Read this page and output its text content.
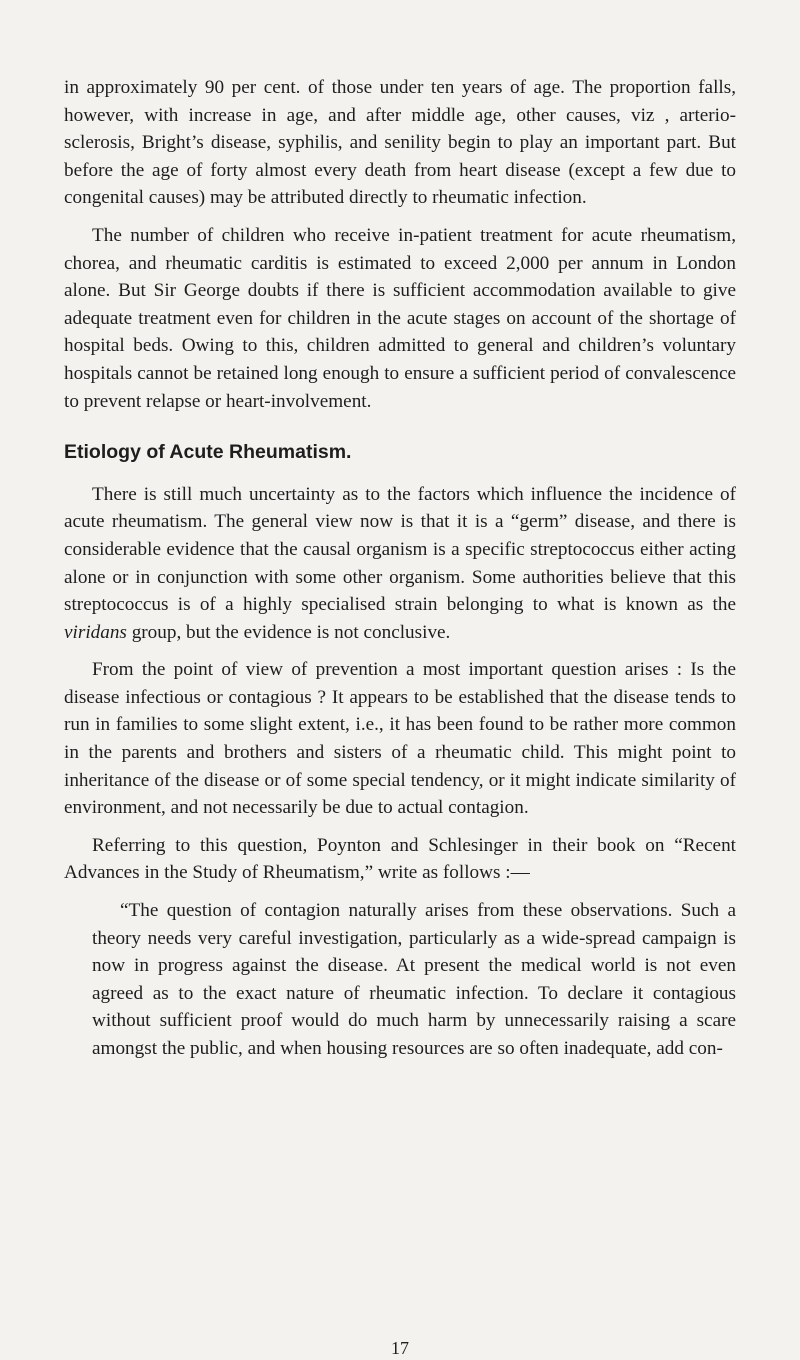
in approximately 90 per cent. of those under ten years of age. The proportion falls, however, with increase in age, and after middle age, other causes, viz , arterio-sclerosis, Bright’s disease, syphilis, and senility begin to play an important part. But before the age of forty almost every death from heart disease (except a few due to congenital causes) may be attributed directly to rheumatic infection.

The number of children who receive in-patient treatment for acute rheumatism, chorea, and rheumatic carditis is estimated to exceed 2,000 per annum in London alone. But Sir George doubts if there is sufficient accommodation available to give adequate treatment even for children in the acute stages on account of the shortage of hospital beds. Owing to this, children admitted to general and children’s voluntary hospitals cannot be retained long enough to ensure a sufficient period of convalescence to prevent relapse or heart-involvement.

Etiology of Acute Rheumatism.

There is still much uncertainty as to the factors which influence the incidence of acute rheumatism. The general view now is that it is a “germ” disease, and there is considerable evidence that the causal organism is a specific streptococcus either acting alone or in conjunction with some other organism. Some authorities believe that this streptococcus is of a highly specialised strain belonging to what is known as the viridans group, but the evidence is not conclusive.

From the point of view of prevention a most important question arises : Is the disease infectious or contagious ? It appears to be established that the disease tends to run in families to some slight extent, i.e., it has been found to be rather more common in the parents and brothers and sisters of a rheumatic child. This might point to inheritance of the disease or of some special tendency, or it might indicate similarity of environment, and not necessarily be due to actual contagion.

Referring to this question, Poynton and Schlesinger in their book on “Recent Advances in the Study of Rheumatism,” write as follows :—

“The question of contagion naturally arises from these observations. Such a theory needs very careful investigation, particularly as a wide-spread campaign is now in progress against the disease. At present the medical world is not even agreed as to the exact nature of rheumatic infection. To declare it contagious without sufficient proof would do much harm by unnecessarily raising a scare amongst the public, and when housing resources are so often inadequate, add con-

17
